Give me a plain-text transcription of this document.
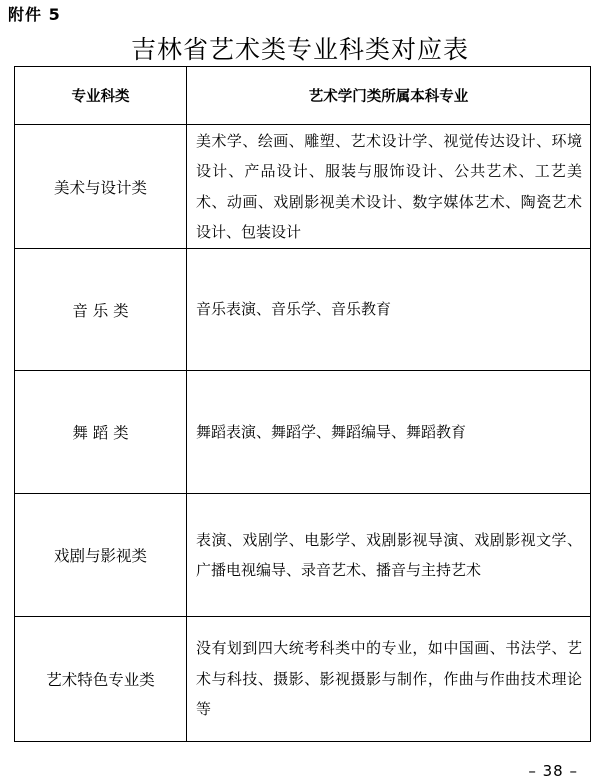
附件 5
吉林省艺术类专业科类对应表
专业科类	艺术学门类所属本科专业
美术与设计类	美术学、绘画、雕塑、艺术设计学、视觉传达设计、环境设计、产品设计、服装与服饰设计、公共艺术、工艺美术、动画、戏剧影视美术设计、数字媒体艺术、陶瓷艺术设计、包装设计
音 乐 类	音乐表演、音乐学、音乐教育
舞 蹈 类	舞蹈表演、舞蹈学、舞蹈编导、舞蹈教育
戏剧与影视类	表演、戏剧学、电影学、戏剧影视导演、戏剧影视文学、广播电视编导、录音艺术、播音与主持艺术
艺术特色专业类	没有划到四大统考科类中的专业，如中国画、书法学、艺术与科技、摄影、影视摄影与制作，作曲与作曲技术理论等
– 38 –
